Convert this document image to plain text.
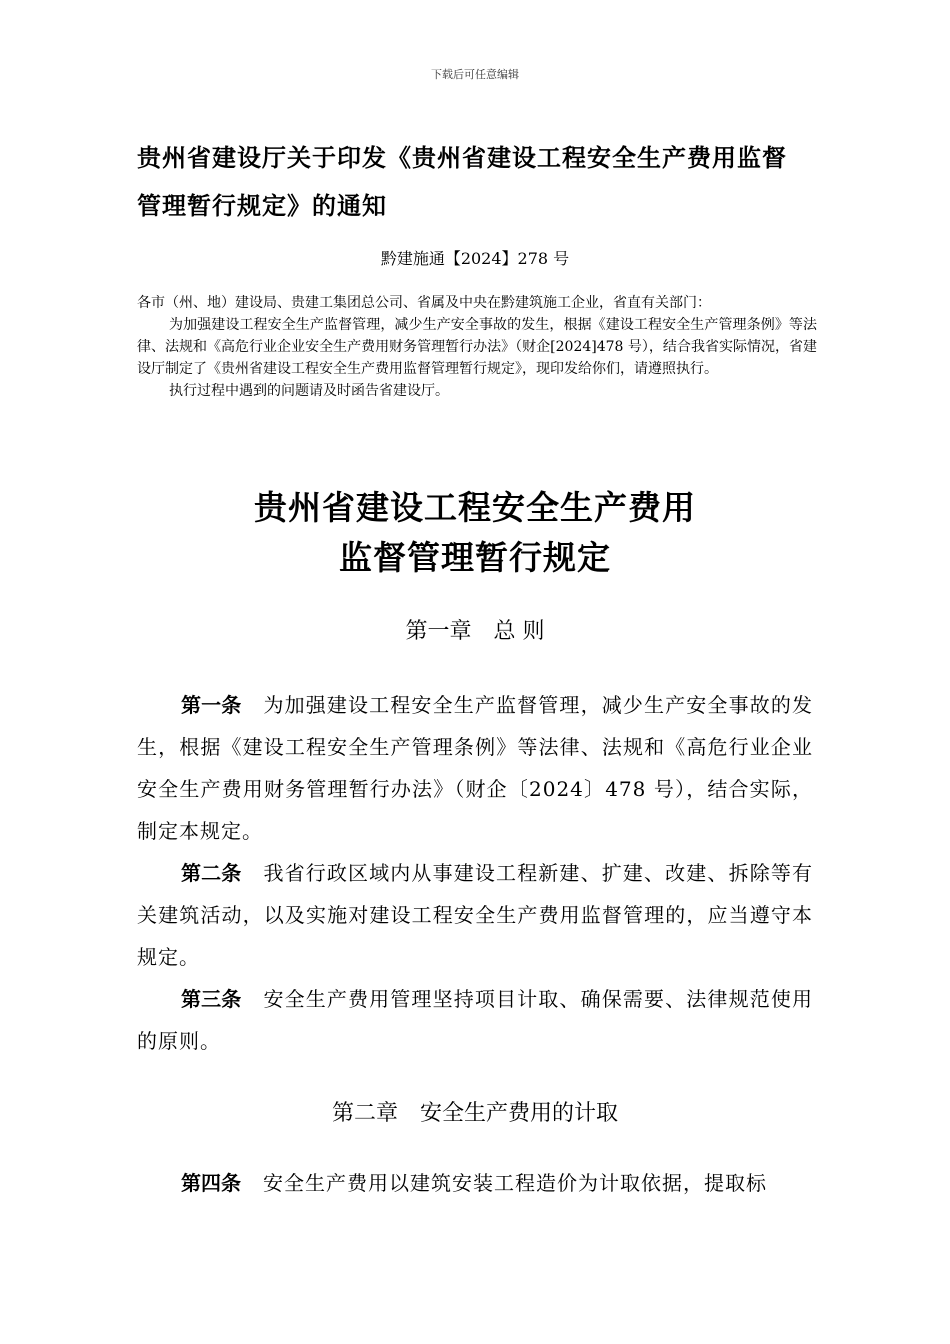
下载后可任意编辑
贵州省建设厅关于印发《贵州省建设工程安全生产费用监督
管理暂行规定》的通知
黔建施通【2024】278 号

各市（州、地）建设局、贵建工集团总公司、省属及中央在黔建筑施工企业，省直有关部门：

为加强建设工程安全生产监督管理，减少生产安全事故的发生，根据《建设工程安全生产管理条例》等法律、法规和《高危行业企业安全生产费用财务管理暂行办法》（财企[2024]478 号），结合我省实际情况，省建设厅制定了《贵州省建设工程安全生产费用监督管理暂行规定》，现印发给你们，请遵照执行。

执行过程中遇到的问题请及时函告省建设厅。

贵州省建设工程安全生产费用
监督管理暂行规定
第一章　总 则
第一条 为加强建设工程安全生产监督管理，减少生产安全事故的发生，根据《建设工程安全生产管理条例》等法律、法规和《高危行业企业安全生产费用财务管理暂行办法》（财企〔2024〕478 号），结合实际，制定本规定。
第二条 我省行政区域内从事建设工程新建、扩建、改建、拆除等有关建筑活动，以及实施对建设工程安全生产费用监督管理的，应当遵守本规定。
第三条 安全生产费用管理坚持项目计取、确保需要、法律规范使用的原则。
第二章　安全生产费用的计取
第四条 安全生产费用以建筑安装工程造价为计取依据，提取标
